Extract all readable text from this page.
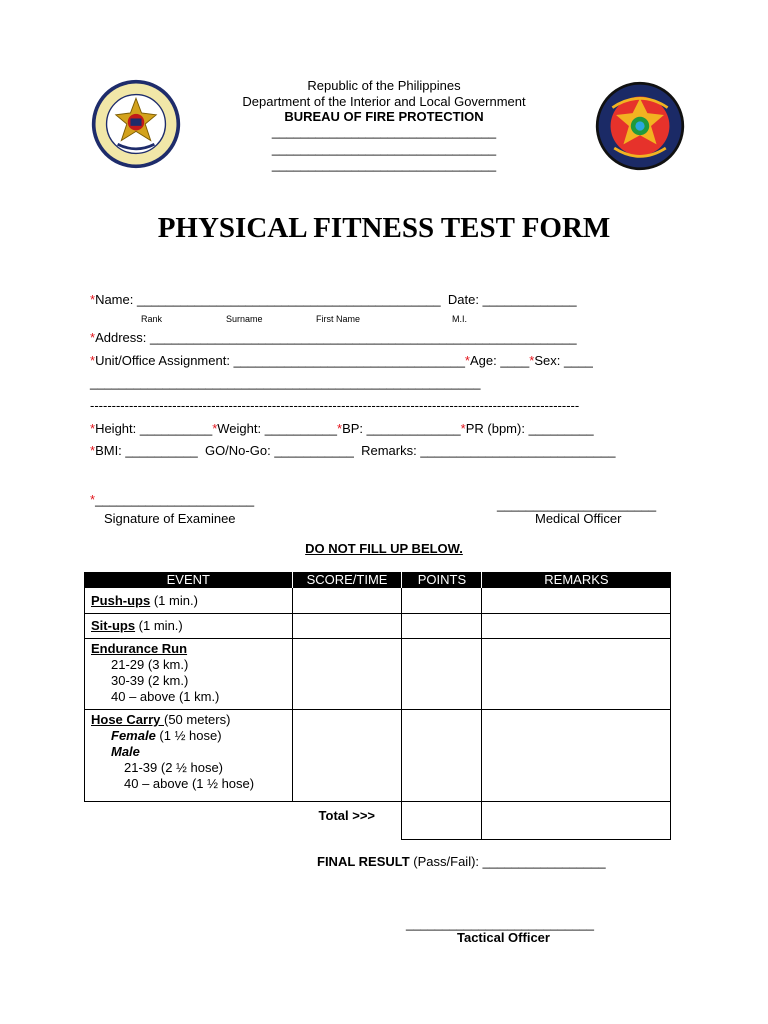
Republic of the Philippines
Department of the Interior and Local Government
BUREAU OF FIRE PROTECTION
_______________________________
_______________________________
_______________________________
PHYSICAL FITNESS TEST FORM
*Name: __________________________________________ Date: _____________
Rank	Surname	First Name	M.I.
*Address: ___________________________________________________________
*Unit/Office Assignment: ________________________________*Age: ____*Sex: ____
______________________________________________________
-----------------------------------------------------------------------------------------------------------------
*Height: __________*Weight: __________*BP: _____________*PR (bpm): _________
*BMI: __________ GO/No-Go: ___________ Remarks: ___________________________
*______________________
Signature of Examinee
______________________
Medical Officer
DO NOT FILL UP BELOW.
EVENT	SCORE/TIME	POINTS	REMARKS
Push-ups (1 min.)			
Sit-ups (1 min.)			

Endurance Run
21-29 (3 km.)
30-39 (2 km.)
40 – above (1 km.)			

Hose Carry (50 meters)
Female (1 ½ hose)
Male
21-39 (2 ½ hose)
40 – above (1 ½ hose)			

	Total >>>		
FINAL RESULT (Pass/Fail): _________________
__________________________
Tactical Officer
